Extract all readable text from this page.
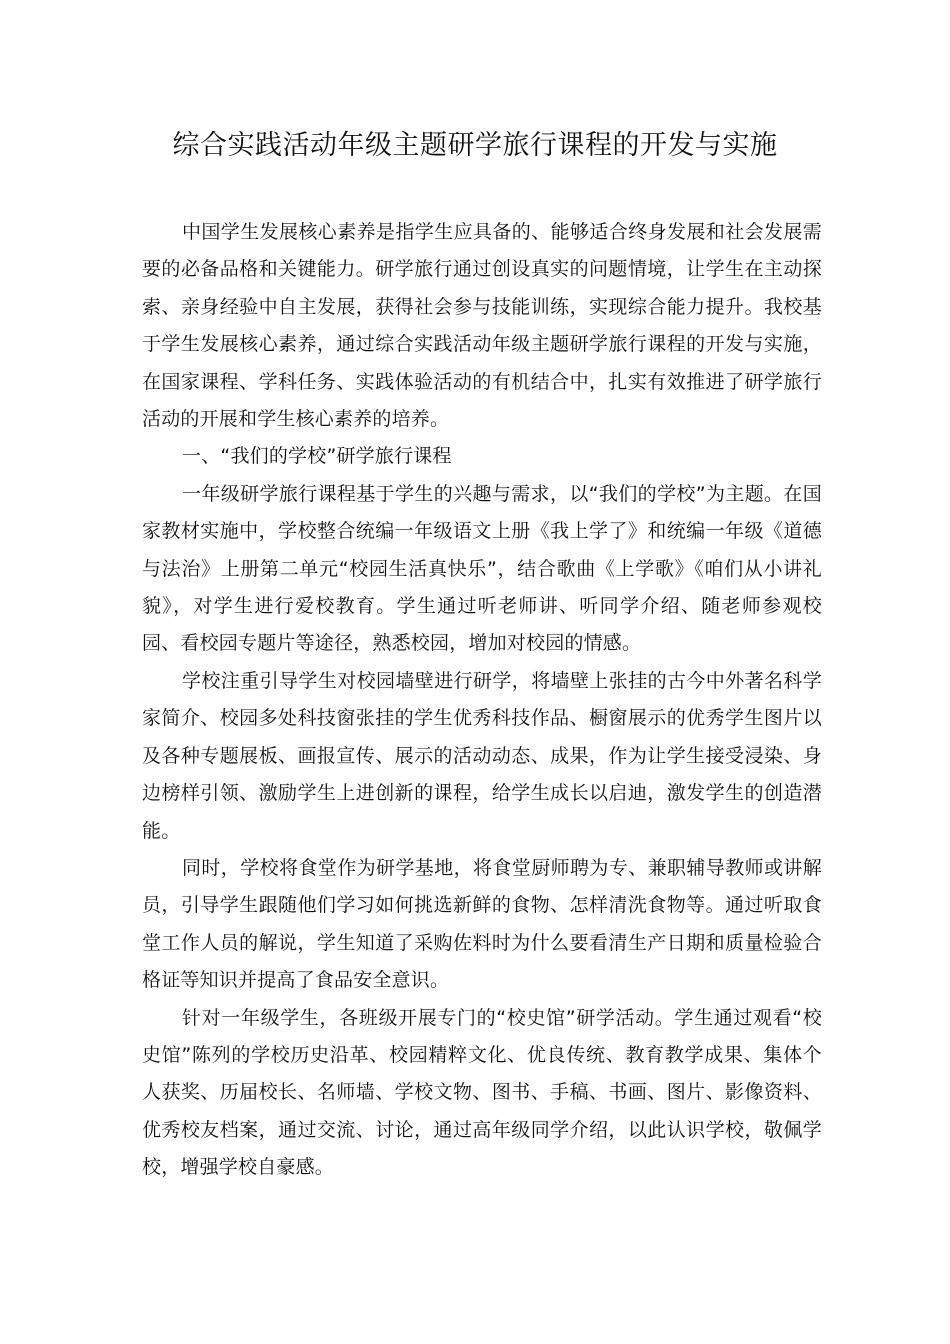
综合实践活动年级主题研学旅行课程的开发与实施

中国学生发展核心素养是指学生应具备的、能够适合终身发展和社会发展需要的必备品格和关键能力。研学旅行通过创设真实的问题情境，让学生在主动探索、亲身经验中自主发展，获得社会参与技能训练，实现综合能力提升。我校基于学生发展核心素养，通过综合实践活动年级主题研学旅行课程的开发与实施，在国家课程、学科任务、实践体验活动的有机结合中，扎实有效推进了研学旅行活动的开展和学生核心素养的培养。

一、“我们的学校”研学旅行课程

一年级研学旅行课程基于学生的兴趣与需求，以“我们的学校”为主题。在国家教材实施中，学校整合统编一年级语文上册《我上学了》和统编一年级《道德与法治》上册第二单元“校园生活真快乐”，结合歌曲《上学歌》《咱们从小讲礼貌》，对学生进行爱校教育。学生通过听老师讲、听同学介绍、随老师参观校园、看校园专题片等途径，熟悉校园，增加对校园的情感。

学校注重引导学生对校园墙壁进行研学，将墙壁上张挂的古今中外著名科学家简介、校园多处科技窗张挂的学生优秀科技作品、橱窗展示的优秀学生图片以及各种专题展板、画报宣传、展示的活动动态、成果，作为让学生接受浸染、身边榜样引领、激励学生上进创新的课程，给学生成长以启迪，激发学生的创造潜能。

同时，学校将食堂作为研学基地，将食堂厨师聘为专、兼职辅导教师或讲解员，引导学生跟随他们学习如何挑选新鲜的食物、怎样清洗食物等。通过听取食堂工作人员的解说，学生知道了采购佐料时为什么要看清生产日期和质量检验合格证等知识并提高了食品安全意识。

针对一年级学生，各班级开展专门的“校史馆”研学活动。学生通过观看“校史馆”陈列的学校历史沿革、校园精粹文化、优良传统、教育教学成果、集体个人获奖、历届校长、名师墙、学校文物、图书、手稿、书画、图片、影像资料、优秀校友档案，通过交流、讨论，通过高年级同学介绍，以此认识学校，敬佩学校，增强学校自豪感。
